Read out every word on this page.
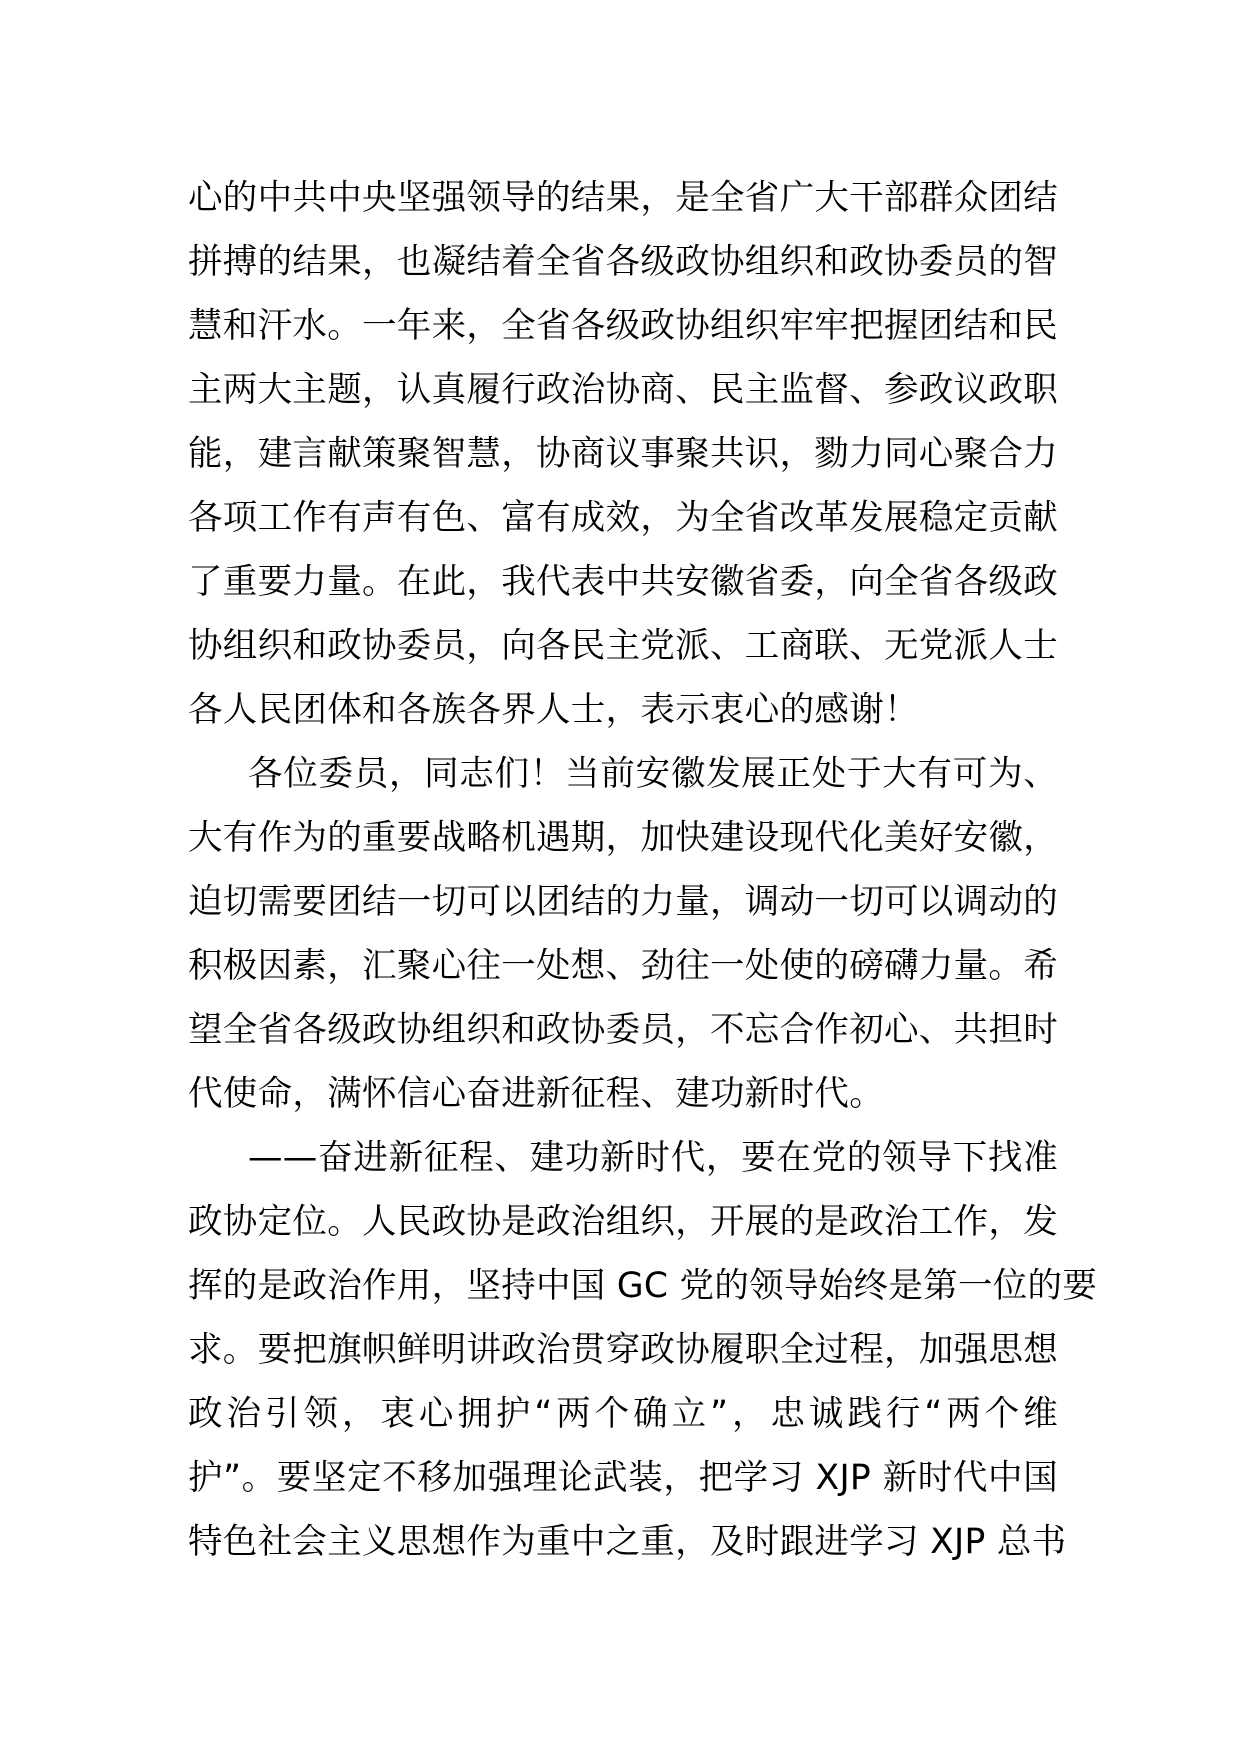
心的中共中央坚强领导的结果，是全省广大干部群众团结
拼搏的结果，也凝结着全省各级政协组织和政协委员的智
慧和汗水。一年来，全省各级政协组织牢牢把握团结和民
主两大主题，认真履行政治协商、民主监督、参政议政职
能，建言献策聚智慧，协商议事聚共识，勠力同心聚合力
各项工作有声有色、富有成效，为全省改革发展稳定贡献
了重要力量。在此，我代表中共安徽省委，向全省各级政
协组织和政协委员，向各民主党派、工商联、无党派人士
各人民团体和各族各界人士，表示衷心的感谢！

各位委员，同志们！当前安徽发展正处于大有可为、
大有作为的重要战略机遇期，加快建设现代化美好安徽，
迫切需要团结一切可以团结的力量，调动一切可以调动的
积极因素，汇聚心往一处想、劲往一处使的磅礴力量。希
望全省各级政协组织和政协委员，不忘合作初心、共担时
代使命，满怀信心奋进新征程、建功新时代。

——奋进新征程、建功新时代，要在党的领导下找准
政协定位。人民政协是政治组织，开展的是政治工作，发
挥的是政治作用，坚持中国 GC 党的领导始终是第一位的要
求。要把旗帜鲜明讲政治贯穿政协履职全过程，加强思想
政治引领，衷心拥护“两个确立”，忠诚践行“两个维
护”。要坚定不移加强理论武装，把学习 XJP 新时代中国
特色社会主义思想作为重中之重，及时跟进学习 XJP 总书
